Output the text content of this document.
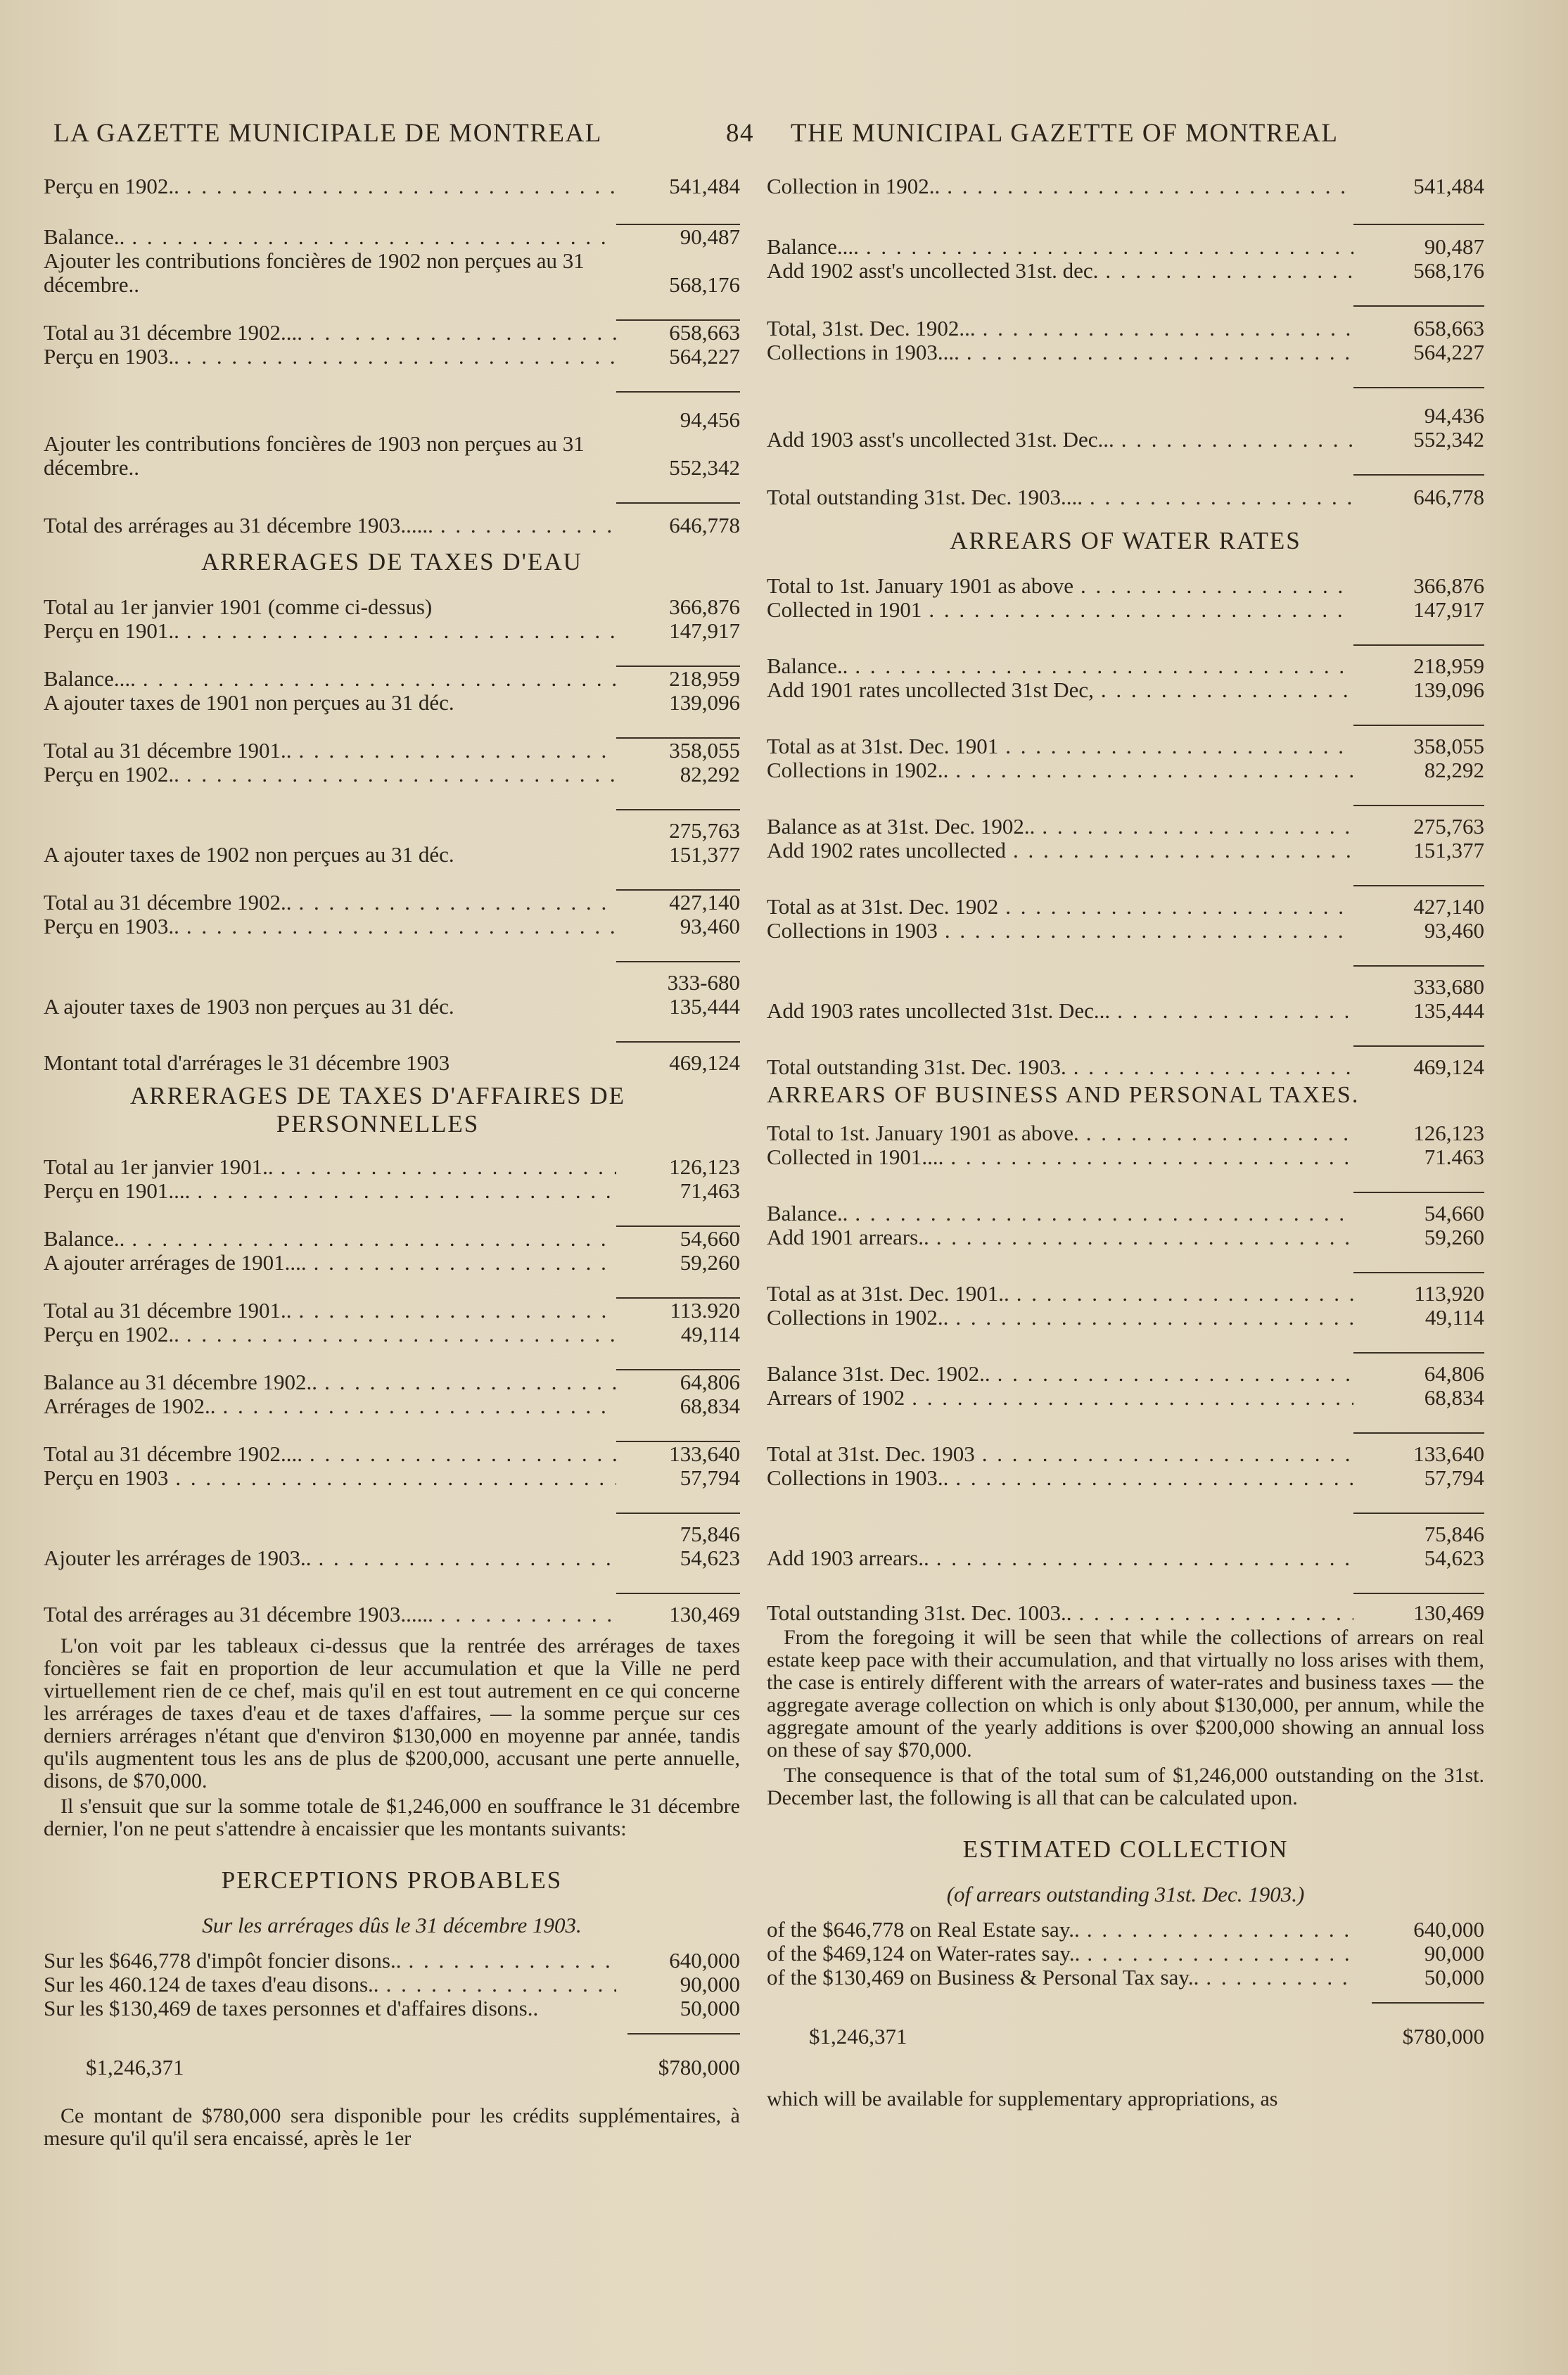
LA GAZETTE MUNICIPALE DE MONTREAL	84 THE MUNICIPAL GAZETTE OF MONTREAL
Perçu en 1902.. . . .	541,484
Balance.. . . .	90,487
Ajouter les contributions foncières de 1902 non perçues au 31 décembre..	568,176
Total au 31 décembre 1902.... . . .	658,663
Perçu en 1903.. . . .	564,227
94,456
Ajouter les contributions foncières de 1903 non perçues au 31 décembre..	552,342
Total des arrérages au 31 décembre 1903...... . . .	646,778
ARRERAGES DE TAXES D'EAU
Total au 1er janvier 1901 (comme ci-dessus)	366,876
Perçu en 1901.. . . .	147,917
Balance.... . . .	218,959
A ajouter taxes de 1901 non perçues au 31 déc.	139,096
Total au 31 décembre 1901.. . . .	358,055
Perçu en 1902.. . . .	82,292
275,763
A ajouter taxes de 1902 non perçues au 31 déc.	151,377
Total au 31 décembre 1902.. . . .	427,140
Perçu en 1903.. . . .	93,460
333-680
A ajouter taxes de 1903 non perçues au 31 déc.	135,444
Montant total d'arrérages le 31 décembre 1903	469,124
ARRERAGES DE TAXES D'AFFAIRES DE PERSONNELLES
Total au 1er janvier 1901.. . . .	126,123
Perçu en 1901.... . . .	71,463
Balance.. . . .	54,660
A ajouter arrérages de 1901.... . . .	59,260
Total au 31 décembre 1901.. . . .	113.920
Perçu en 1902.. . . .	49,114
Balance au 31 décembre 1902.. . . .	64,806
Arrérages de 1902.. . . .	68,834
Total au 31 décembre 1902.... . . .	133,640
Perçu en 1903 . . .	57,794
75,846
Ajouter les arrérages de 1903.. . . .	54,623
Total des arrérages au 31 décembre 1903...... . . .	130,469

L'on voit par les tableaux ci-dessus que la rentrée des arrérages de taxes foncières se fait en proportion de leur accumulation et que la Ville ne perd virtuellement rien de ce chef, mais qu'il en est tout autrement en ce qui concerne les arrérages de taxes d'eau et de taxes d'affaires, — la somme perçue sur ces derniers arrérages n'étant que d'environ $130,000 en moyenne par année, tandis qu'ils augmentent tous les ans de plus de $200,000, accusant une perte annuelle, disons, de $70,000.

Il s'ensuit que sur la somme totale de $1,246,000 en souffrance le 31 décembre dernier, l'on ne peut s'attendre à encaissier que les montants suivants:

PERCEPTIONS PROBABLES
Sur les arrérages dûs le 31 décembre 1903.
Sur les $646,778 d'impôt foncier disons.. . . .	640,000
Sur les 460.124 de taxes d'eau disons.. . . .	90,000
Sur les $130,469 de taxes personnes et d'affaires disons..	50,000
$1,246,371	$780,000

Ce montant de $780,000 sera disponible pour les crédits supplémentaires, à mesure qu'il qu'il sera encaissé, après le 1er

Collection in 1902.. . . .	541,484
Balance.... . . .	90,487
Add 1902 asst's uncollected 31st. dec. . . .	568,176
Total, 31st. Dec. 1902... . . .	658,663
Collections in 1903.... . . .	564,227
94,436
Add 1903 asst's uncollected 31st. Dec... . . .	552,342
Total outstanding 31st. Dec. 1903.... . . .	646,778
ARREARS OF WATER RATES
Total to 1st. January 1901 as above . . .	366,876
Collected in 1901 . . .	147,917
Balance.. . . .	218,959
Add 1901 rates uncollected 31st Dec, . . .	139,096
Total as at 31st. Dec. 1901 . . .	358,055
Collections in 1902.. . . .	82,292
Balance as at 31st. Dec. 1902.. . . .	275,763
Add 1902 rates uncollected . . .	151,377
Total as at 31st. Dec. 1902 . . .	427,140
Collections in 1903 . . .	93,460
333,680
Add 1903 rates uncollected 31st. Dec... . . .	135,444
Total outstanding 31st. Dec. 1903. . . .	469,124
ARREARS OF BUSINESS AND PERSONAL TAXES.
Total to 1st. January 1901 as above. . . .	126,123
Collected in 1901.... . . .	71.463
Balance.. . . .	54,660
Add 1901 arrears.. . . .	59,260
Total as at 31st. Dec. 1901.. . . .	113,920
Collections in 1902.. . . .	49,114
Balance 31st. Dec. 1902.. . . .	64,806
Arrears of 1902 . . .	68,834
Total at 31st. Dec. 1903 . . .	133,640
Collections in 1903.. . . .	57,794
75,846
Add 1903 arrears.. . . .	54,623
Total outstanding 31st. Dec. 1003.. . . .	130,469

From the foregoing it will be seen that while the collections of arrears on real estate keep pace with their accumulation, and that virtually no loss arises with them, the case is entirely different with the arrears of water-rates and business taxes — the aggregate average collection on which is only about $130,000, per annum, while the aggregate amount of the yearly additions is over $200,000 showing an annual loss on these of say $70,000.

The consequence is that of the total sum of $1,246,000 outstanding on the 31st. December last, the following is all that can be calculated upon.

ESTIMATED COLLECTION
(of arrears outstanding 31st. Dec. 1903.)
of the $646,778 on Real Estate say.. . . .	640,000
of the $469,124 on Water-rates say.. . . .	90,000
of the $130,469 on Business & Personal Tax say.. . . .	50,000
$1,246,371	$780,000

which will be available for supplementary appropriations, as
